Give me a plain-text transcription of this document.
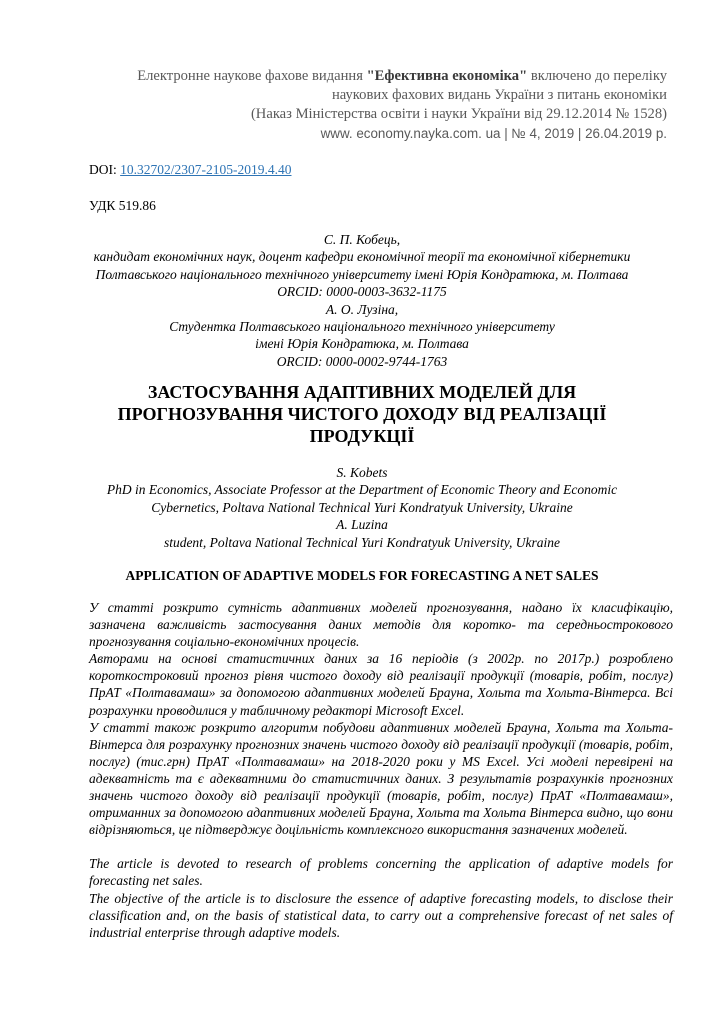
Електронне наукове фахове видання "Ефективна економіка" включено до переліку
наукових фахових видань України з питань економіки
(Наказ Міністерства освіти і науки України від 29.12.2014 № 1528)
www. economy.nayka.com. ua | № 4, 2019 | 26.04.2019 р.
DOI: 10.32702/2307-2105-2019.4.40
УДК 519.86
С. П. Кобець,
кандидат економічних наук, доцент кафедри економічної теорії та економічної кібернетики
Полтавського національного технічного університету імені Юрія Кондратюка, м. Полтава
ORCID: 0000-0003-3632-1175
А. О. Лузіна,
Студентка Полтавського національного технічного університету
імені Юрія Кондратюка, м. Полтава
ORCID: 0000-0002-9744-1763
ЗАСТОСУВАННЯ АДАПТИВНИХ МОДЕЛЕЙ ДЛЯ ПРОГНОЗУВАННЯ ЧИСТОГО ДОХОДУ ВІД РЕАЛІЗАЦІЇ ПРОДУКЦІЇ
S. Kobets
PhD in Economics, Associate Professor at the Department of Economic Theory and Economic
Cybernetics, Poltava National Technical Yuri Kondratyuk University, Ukraine
A. Luzina
student, Poltava National Technical Yuri Kondratyuk University, Ukraine
APPLICATION OF ADAPTIVE MODELS FOR FORECASTING A NET SALES

У статті розкрито сутність адаптивних моделей прогнозування, надано їх класифікацію, зазначена важливість застосування даних методів для коротко- та середньострокового прогнозування соціально-економічних процесів.

Авторами на основі статистичних даних за 16 періодів (з 2002р. по 2017р.) розроблено короткостроковий прогноз рівня чистого доходу від реалізації продукції (товарів, робіт, послуг) ПрАТ «Полтавамаш» за допомогою адаптивних моделей Брауна, Хольта та Хольта-Вінтерса. Всі розрахунки проводилися у табличному редакторі Microsoft Excel.

У статті також розкрито алгоритм побудови адаптивних моделей Брауна, Хольта та Хольта-Вінтерса для розрахунку прогнозних значень чистого доходу від реалізації продукції (товарів, робіт, послуг) (тис.грн) ПрАТ «Полтавамаш» на 2018-2020 роки у MS Excel. Усі моделі перевірені на адекватність та є адекватними до статистичних даних. З результатів розрахунків прогнозних значень чистого доходу від реалізації продукції (товарів, робіт, послуг) ПрАТ «Полтавамаш», отриманних за допомогою адаптивних моделей Брауна, Хольта та Хольта Вінтерса видно, що вони відрізняються, це підтверджує доцільність комплексного використання зазначених моделей.

The article is devoted to research of problems concerning the application of adaptive models for forecasting net sales.

The objective of the article is to disclosure the essence of adaptive forecasting models, to disclose their classification and, on the basis of statistical data, to carry out a comprehensive forecast of net sales of industrial enterprise through adaptive models.
